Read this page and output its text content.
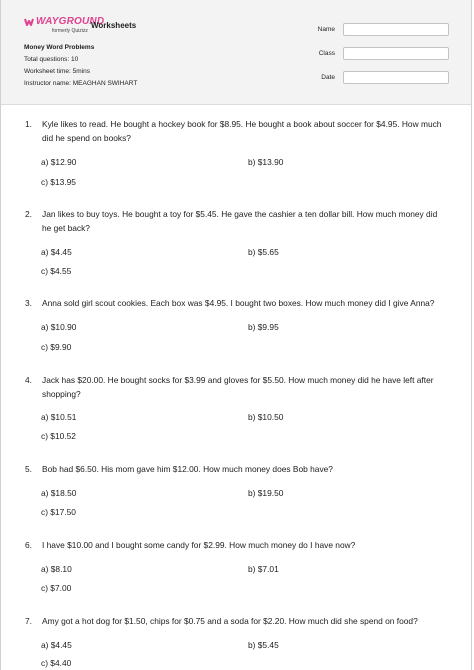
WAYGROUND
formerly Quizizz
Worksheets
Money Word Problems
Total questions: 10
Worksheet time: 5mins
Instructor name: MEAGHAN SWIHART
Name
Class
Date
1. Kyle likes to read. He bought a hockey book for $8.95. He bought a book about soccer for $4.95. How much did he spend on books?
a) $12.90	b) $13.90
c) $13.95
2. Jan likes to buy toys. He bought a toy for $5.45. He gave the cashier a ten dollar bill. How much money did he get back?
a) $4.45	b) $5.65
c) $4.55
3. Anna sold girl scout cookies. Each box was $4.95. I bought two boxes. How much money did I give Anna?
a) $10.90	b) $9.95
c) $9.90
4. Jack has $20.00. He bought socks for $3.99 and gloves for $5.50. How much money did he have left after shopping?
a) $10.51	b) $10.50
c) $10.52
5. Bob had $6.50. His mom gave him $12.00. How much money does Bob have?
a) $18.50	b) $19.50
c) $17.50
6. I have $10.00 and I bought some candy for $2.99. How much money do I have now?
a) $8.10	b) $7.01
c) $7.00
7. Amy got a hot dog for $1.50, chips for $0.75 and a soda for $2.20. How much did she spend on food?
a) $4.45	b) $5.45
c) $4.40
